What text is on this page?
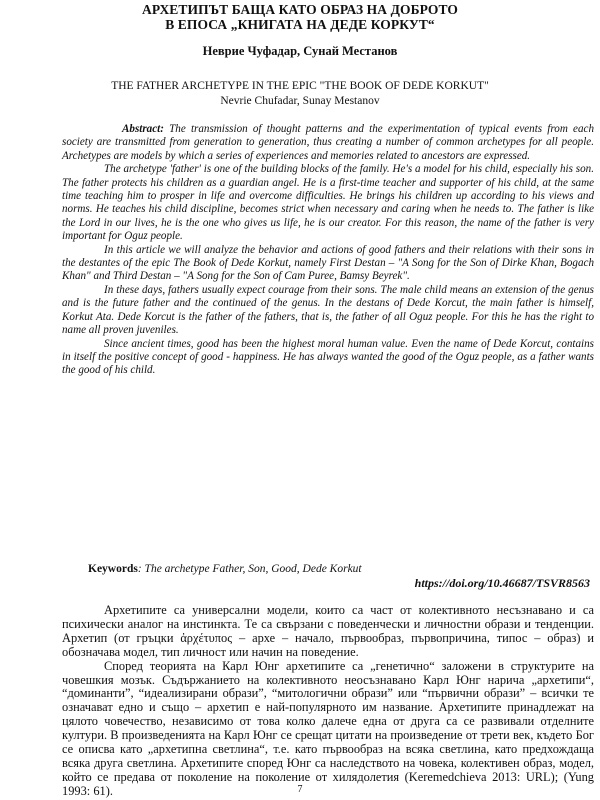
АРХЕТИПЪТ БАЩА КАТО ОБРАЗ НА ДОБРОТО
В ЕПОСА „КНИГАТА НА ДЕДЕ КОРКУТ“
Неврие Чуфадар, Сунай Местанов
THE FATHER ARCHETYPE IN THE EPIC "THE BOOK OF DEDE KORKUT"
Nevrie Chufadar, Sunay Mestanov

Abstract: The transmission of thought patterns and the experimentation of typical events from each society are transmitted from generation to generation, thus creating a number of common archetypes for all people. Archetypes are models by which a series of experiences and memories related to ancestors are expressed.

The archetype 'father' is one of the building blocks of the family. He's a model for his child, especially his son. The father protects his children as a guardian angel. He is a first-time teacher and supporter of his child, at the same time teaching him to prosper in life and overcome difficulties. He brings his children up according to his views and norms. He teaches his child discipline, becomes strict when necessary and caring when he needs to. The father is like the Lord in our lives, he is the one who gives us life, he is our creator. For this reason, the name of the father is very important for Oguz people.

In this article we will analyze the behavior and actions of good fathers and their relations with their sons in the destantes of the epic The Book of Dede Korkut, namely First Destan – "A Song for the Son of Dirke Khan, Bogach Khan" and Third Destan – "A Song for the Son of Cam Puree, Bamsy Beyrek".

In these days, fathers usually expect courage from their sons. The male child means an extension of the genus and is the future father and the continued of the genus. In the destans of Dede Korcut, the main father is himself, Korkut Ata. Dede Korcut is the father of the fathers, that is, the father of all Oguz people. For this he has the right to name all proven juveniles.

Since ancient times, good has been the highest moral human value. Even the name of Dede Korcut, contains in itself the positive concept of good - happiness. He has always wanted the good of the Oguz people, as a father wants the good of his child.

Keywords: The archetype Father, Son, Good, Dede Korkut
https://doi.org/10.46687/TSVR8563

Архетипите са универсални модели, които са част от колективното несъзнавано и са психически аналог на инстинкта. Те са свързани с поведенчески и личностни образи и тенденции. Архетип (от гръцки ἀρχέτυπος – архе – начало, първообраз, първопричина, типос – образ) и обозначава модел, тип личност или начин на поведение.

Според теорията на Карл Юнг архетипите са „генетично“ заложени в структурите на човешкия мозък. Съдържанието на колективното неосъзнавано Карл Юнг нарича „архетипи“, “доминанти”, “идеализирани образи”, “митологични образи” или “първични образи” – всички те означават едно и също – архетип е най-популярното им название. Архетипите принадлежат на цялото човечество, независимо от това колко далече една от друга са се развивали отделните култури. В произведенията на Карл Юнг се срещат цитати на произведение от трети век, където Бог се описва като „архетипна светлина“, т.е. като първообраз на всяка светлина, като предхождаща всяка друга светлина. Архетипите според Юнг са наследството на човека, колективен образ, модел, който се предава от поколение на поколение от хилядолетия (Keremedchieva 2013: URL); (Yung 1993: 61).	7
